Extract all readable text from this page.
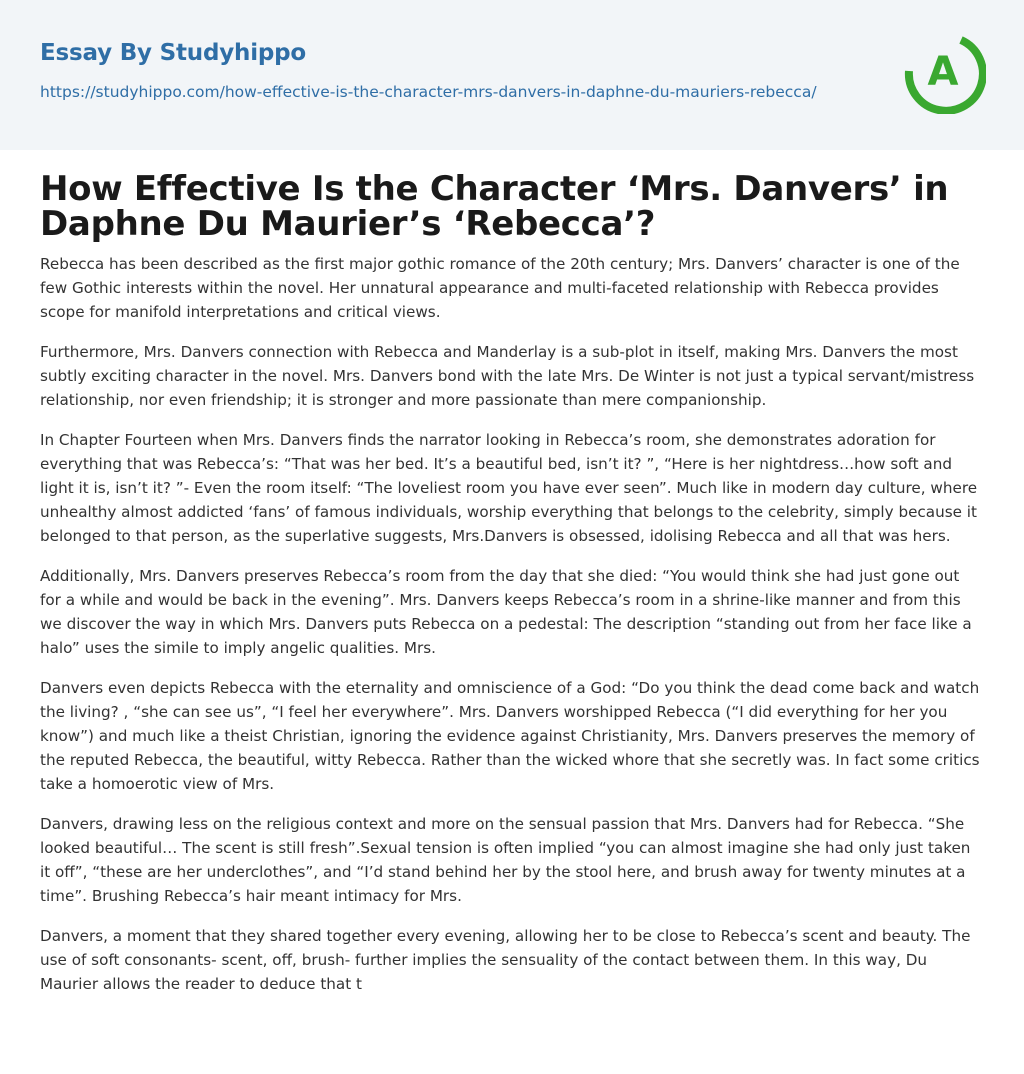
Essay By Studyhippo
https://studyhippo.com/how-effective-is-the-character-mrs-danvers-in-daphne-du-mauriers-rebecca/	A
How Effective Is the Character ‘Mrs. Danvers’ in Daphne Du Maurier’s ‘Rebecca’?

Rebecca has been described as the first major gothic romance of the 20th century; Mrs. Danvers’ character is one of the few Gothic interests within the novel. Her unnatural appearance and multi-faceted relationship with Rebecca provides scope for manifold interpretations and critical views.

Furthermore, Mrs. Danvers connection with Rebecca and Manderlay is a sub-plot in itself, making Mrs. Danvers the most subtly exciting character in the novel. Mrs. Danvers bond with the late Mrs. De Winter is not just a typical servant/mistress relationship, nor even friendship; it is stronger and more passionate than mere companionship.

In Chapter Fourteen when Mrs. Danvers finds the narrator looking in Rebecca’s room, she demonstrates adoration for everything that was Rebecca’s: “That was her bed. It’s a beautiful bed, isn’t it? ”, “Here is her nightdress…how soft and light it is, isn’t it? ”- Even the room itself: “The loveliest room you have ever seen”. Much like in modern day culture, where unhealthy almost addicted ‘fans’ of famous individuals, worship everything that belongs to the celebrity, simply because it belonged to that person, as the superlative suggests, Mrs.Danvers is obsessed, idolising Rebecca and all that was hers.

Additionally, Mrs. Danvers preserves Rebecca’s room from the day that she died: “You would think she had just gone out for a while and would be back in the evening”. Mrs. Danvers keeps Rebecca’s room in a shrine-like manner and from this we discover the way in which Mrs. Danvers puts Rebecca on a pedestal: The description “standing out from her face like a halo” uses the simile to imply angelic qualities. Mrs.

Danvers even depicts Rebecca with the eternality and omniscience of a God: “Do you think the dead come back and watch the living? , “she can see us”, “I feel her everywhere”. Mrs. Danvers worshipped Rebecca (“I did everything for her you know”) and much like a theist Christian, ignoring the evidence against Christianity, Mrs. Danvers preserves the memory of the reputed Rebecca, the beautiful, witty Rebecca. Rather than the wicked whore that she secretly was. In fact some critics take a homoerotic view of Mrs.

Danvers, drawing less on the religious context and more on the sensual passion that Mrs. Danvers had for Rebecca. “She looked beautiful… The scent is still fresh”.Sexual tension is often implied “you can almost imagine she had only just taken it off”, “these are her underclothes”, and “I’d stand behind her by the stool here, and brush away for twenty minutes at a time”. Brushing Rebecca’s hair meant intimacy for Mrs.

Danvers, a moment that they shared together every evening, allowing her to be close to Rebecca’s scent and beauty. The use of soft consonants- scent, off, brush- further implies the sensuality of the contact between them. In this way, Du Maurier allows the reader to deduce that t
